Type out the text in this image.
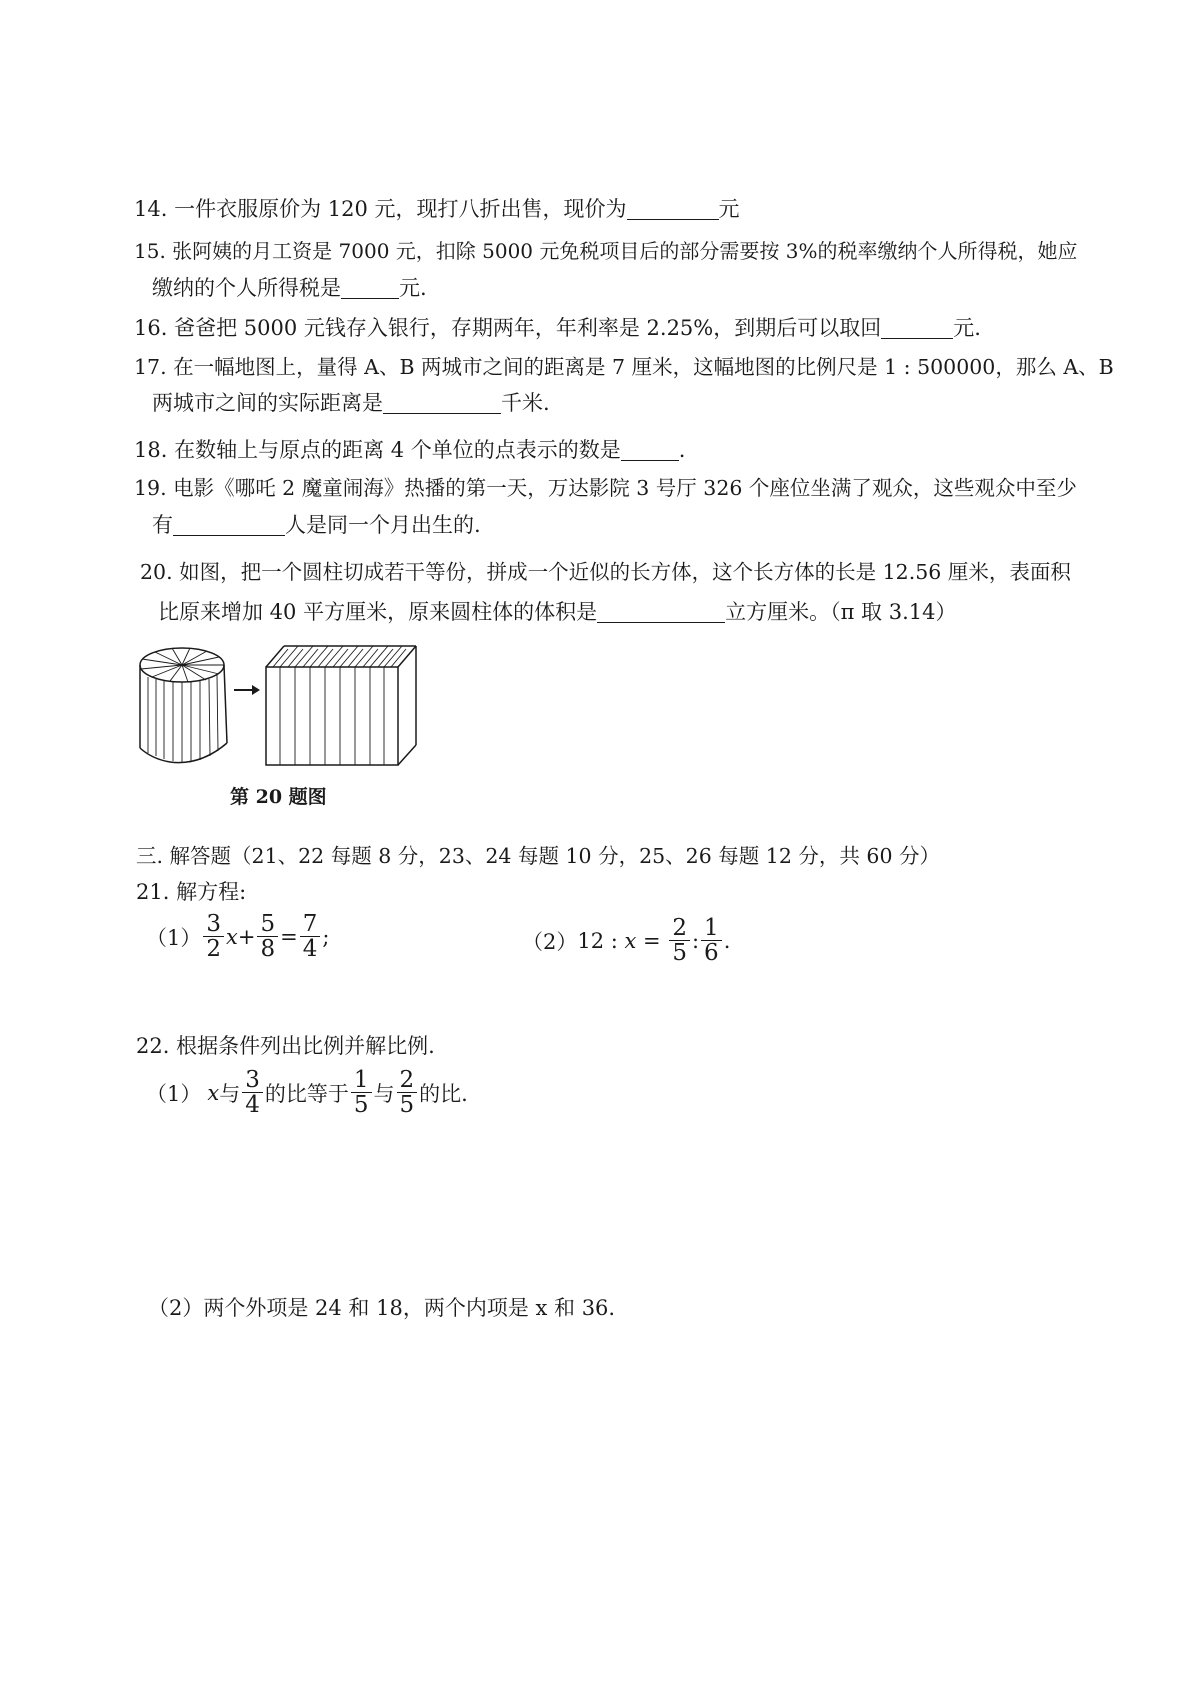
14. 一件衣服原价为 120 元，现打八折出售，现价为	元
15. 张阿姨的月工资是 7000 元，扣除 5000 元免税项目后的部分需要按 3%的税率缴纳个人所得税，她应
缴纳的个人所得税是	元.
16. 爸爸把 5000 元钱存入银行，存期两年，年利率是 2.25%，到期后可以取回	元.
17. 在一幅地图上，量得 A、B 两城市之间的距离是 7 厘米，这幅地图的比例尺是 1 : 500000，那么 A、B
两城市之间的实际距离是	千米.
18. 在数轴上与原点的距离 4 个单位的点表示的数是	.
19. 电影《哪吒 2 魔童闹海》热播的第一天，万达影院 3 号厅 326 个座位坐满了观众，这些观众中至少
有	人是同一个月出生的.
20. 如图，把一个圆柱切成若干等份，拼成一个近似的长方体，这个长方体的长是 12.56 厘米，表面积
比原来增加 40 平方厘米，原来圆柱体的体积是	立方厘米。（π 取 3.14）
第 20 题图
三. 解答题（21、22 每题 8 分，23、24 每题 10 分，25、26 每题 12 分，共 60 分）
21. 解方程:
$(1) \frac{3}{2}$ $x + \frac{5}{8} = \frac{7}{4}$ ;	（2） 12 : $x = \frac{2}{5}$ : $\frac{1}{6}$ .
22. 根据条件列出比例并解比例.
（1） x 与 $\frac{3}{4}$ 的比等于 $\frac{1}{5}$ 与 $\frac{2}{5}$ 的比.
（2）两个外项是 24 和 18，两个内项是 x 和 36.
